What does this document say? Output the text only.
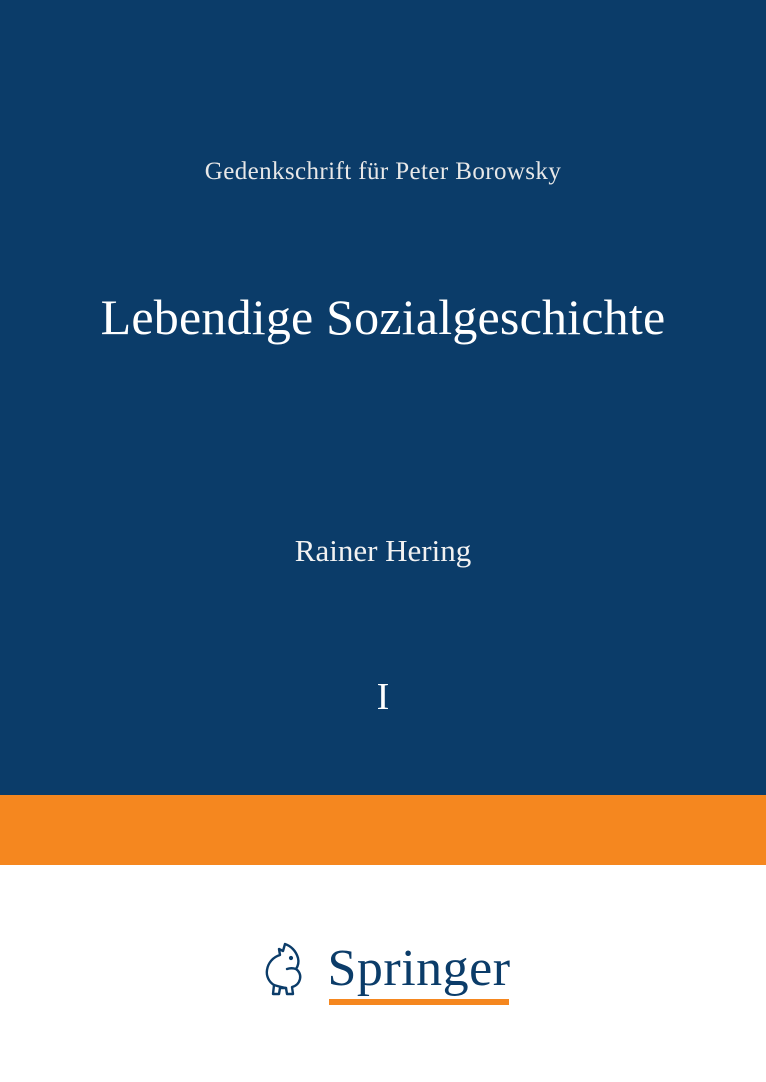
Gedenkschrift für Peter Borowsky
Lebendige Sozialgeschichte
Rainer Hering
I
Springer
